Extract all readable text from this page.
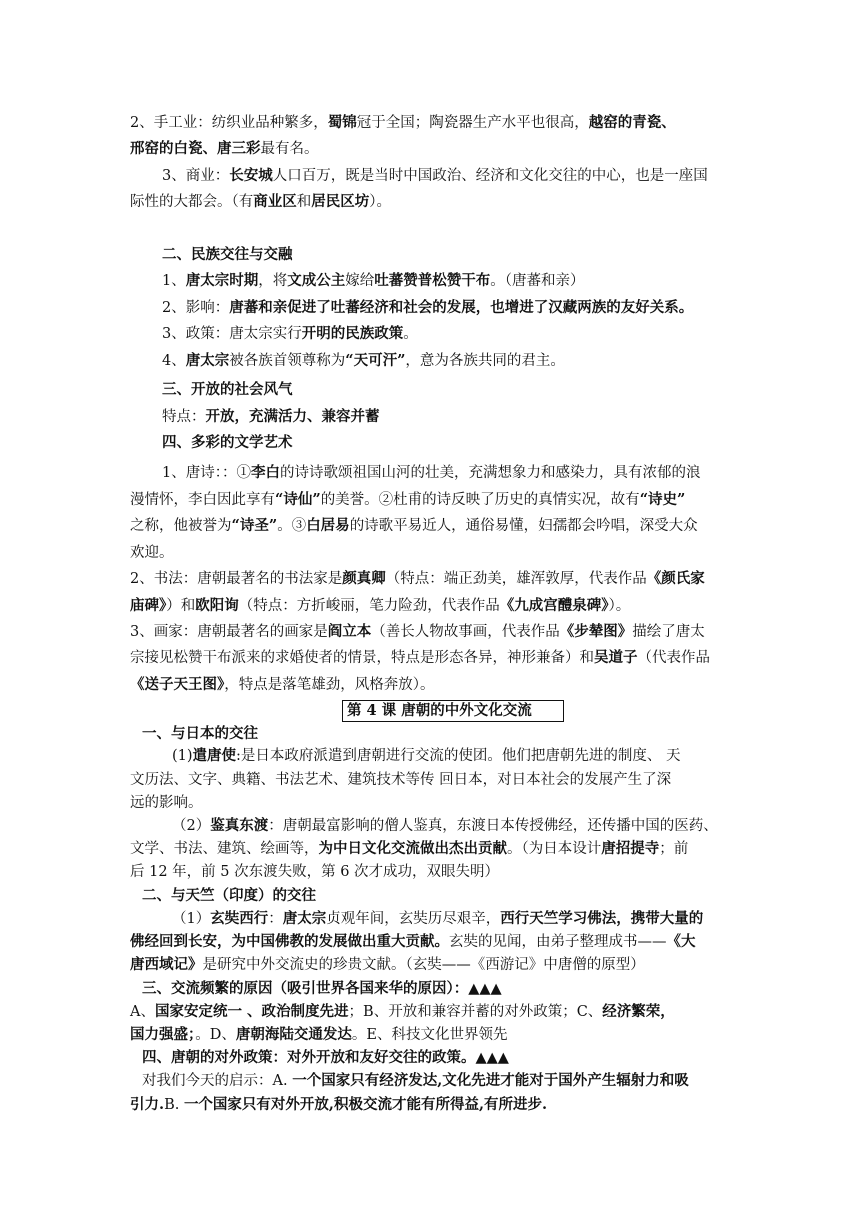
2、手工业：纺织业品种繁多，蜀锦冠于全国；陶瓷器生产水平也很高，越窑的青瓷、
邢窑的白瓷、唐三彩最有名。
3、商业：长安城人口百万，既是当时中国政治、经济和文化交往的中心，也是一座国
际性的大都会。（有商业区和居民区坊）。
二、民族交往与交融
1、唐太宗时期，将文成公主嫁给吐蕃赞普松赞干布。（唐蕃和亲）
2、影响：唐蕃和亲促进了吐蕃经济和社会的发展，也增进了汉藏两族的友好关系。
3、政策：唐太宗实行开明的民族政策。
4、唐太宗被各族首领尊称为“天可汗”，意为各族共同的君主。
三、开放的社会风气
特点：开放，充满活力、兼容并蓄
四、多彩的文学艺术
1、唐诗：：①李白的诗诗歌颂祖国山河的壮美，充满想象力和感染力，具有浓郁的浪
漫情怀，李白因此享有“诗仙”的美誉。②杜甫的诗反映了历史的真情实况，故有“诗史”
之称，他被誉为“诗圣”。③白居易的诗歌平易近人，通俗易懂，妇孺都会吟唱，深受大众
欢迎。
2、书法：唐朝最著名的书法家是颜真卿（特点：端正劲美，雄浑敦厚，代表作品《颜氏家
庙碑》）和欧阳询（特点：方折峻丽，笔力险劲，代表作品《九成宫醴泉碑》）。
3、画家：唐朝最著名的画家是阎立本（善长人物故事画，代表作品《步辇图》描绘了唐太
宗接见松赞干布派来的求婚使者的情景，特点是形态各异，神形兼备）和吴道子（代表作品
《送子天王图》，特点是落笔雄劲，风格奔放）。
第 4 课 唐朝的中外文化交流
一、与日本的交往
(1)遣唐使:是日本政府派遣到唐朝进行交流的使团。他们把唐朝先进的制度、 天
文历法、文字、典籍、书法艺术、建筑技术等传 回日本，对日本社会的发展产生了深
远的影响。
（2）鉴真东渡：唐朝最富影响的僧人鉴真，东渡日本传授佛经，还传播中国的医药、
文学、书法、建筑、绘画等，为中日文化交流做出杰出贡献。（为日本设计唐招提寺；前
后 12 年，前 5 次东渡失败，第 6 次才成功，双眼失明）
二、与天竺（印度）的交往
（1）玄奘西行：唐太宗贞观年间，玄奘历尽艰辛，西行天竺学习佛法，携带大量的
佛经回到长安，为中国佛教的发展做出重大贡献。玄奘的见闻，由弟子整理成书——《大
唐西域记》是研究中外交流史的珍贵文献。（玄奘——《西游记》中唐僧的原型）
三、交流频繁的原因（吸引世界各国来华的原因）：▲▲▲
A、国家安定统一 、政治制度先进；B、开放和兼容并蓄的对外政策；C、经济繁荣，
国力强盛；。D、唐朝海陆交通发达。E、科技文化世界领先
四、唐朝的对外政策：对外开放和友好交往的政策。▲▲▲
对我们今天的启示：A. 一个国家只有经济发达,文化先进才能对于国外产生辐射力和吸
引力.B. 一个国家只有对外开放,积极交流才能有所得益,有所进步.
